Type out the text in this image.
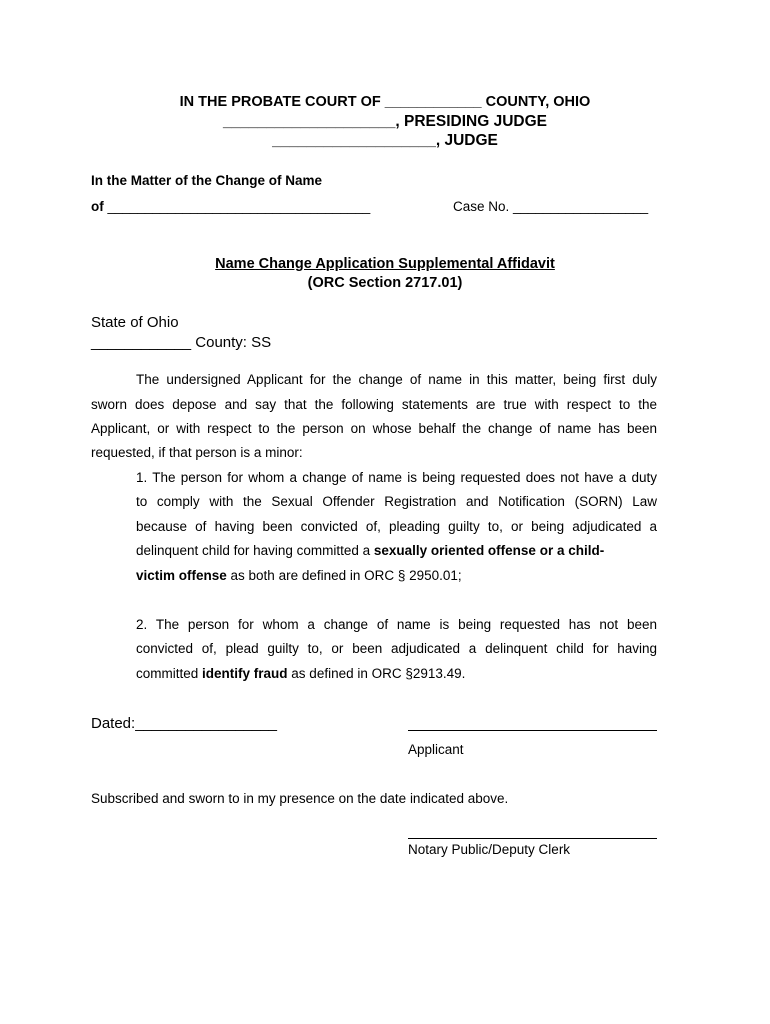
IN THE PROBATE COURT OF ____________ COUNTY, OHIO
____________________, PRESIDING JUDGE
___________________, JUDGE
In the Matter of the Change of Name
of ___________________________________	Case No. __________________
Name Change Application Supplemental Affidavit
(ORC Section 2717.01)
State of Ohio
____________ County: SS
The undersigned Applicant for the change of name in this matter, being first duly
sworn does depose and say that the following statements are true with respect to the
Applicant, or with respect to the person on whose behalf the change of name has been
requested, if that person is a minor:
1. The person for whom a change of name is being requested does not have a duty
to comply with the Sexual Offender Registration and Notification (SORN) Law
because of having been convicted of, pleading guilty to, or being adjudicated a
delinquent child for having committed a sexually oriented offense or a child-
victim offense as both are defined in ORC § 2950.01;
2. The person for whom a change of name is being requested has not been
convicted of, plead guilty to, or been adjudicated a delinquent child for having
committed identify fraud as defined in ORC §2913.49.
Dated:_________________
Applicant
Subscribed and sworn to in my presence on the date indicated above.
Notary Public/Deputy Clerk
